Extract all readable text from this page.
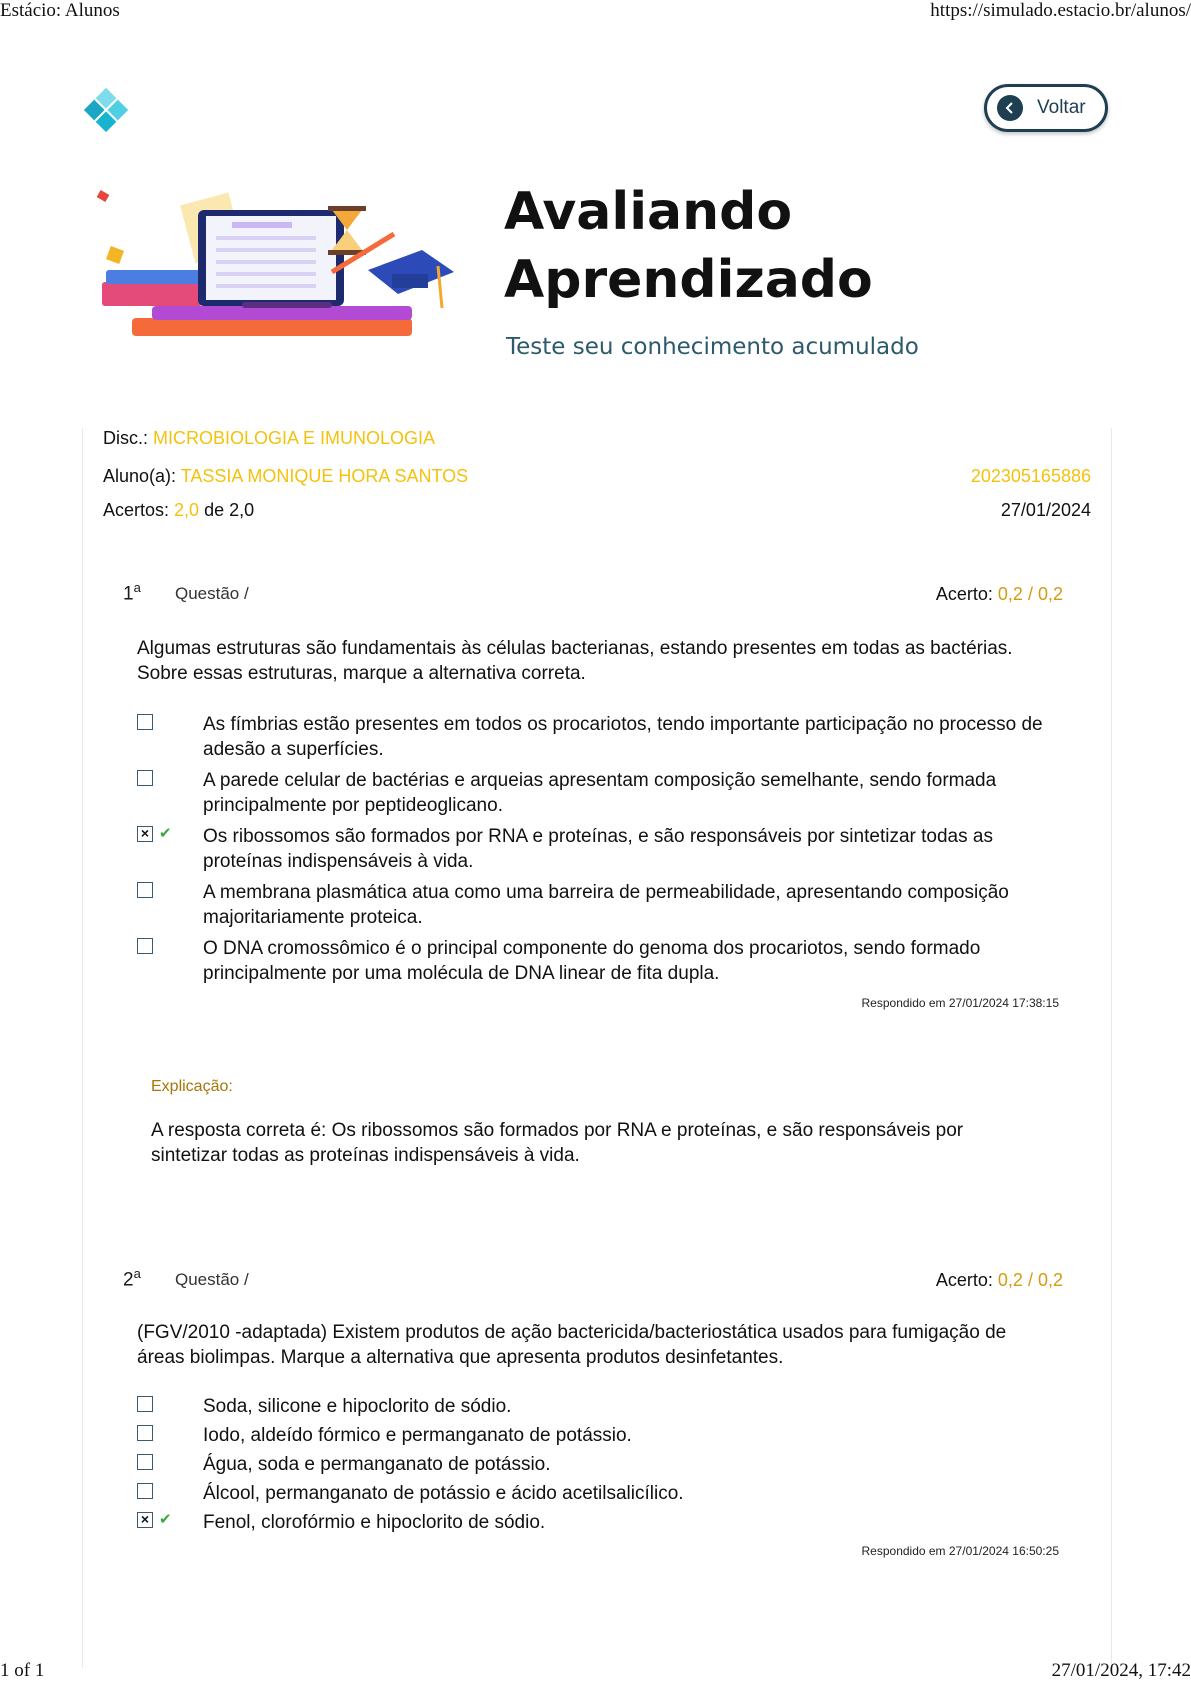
Estácio: Alunos	https://simulado.estacio.br/alunos/
Voltar
Avaliando
Aprendizado
Teste seu conhecimento acumulado
Disc.: MICROBIOLOGIA E IMUNOLOGIA
Aluno(a): TASSIA MONIQUE HORA SANTOS	202305165886
Acertos: 2,0 de 2,0	27/01/2024
1$^a$ Questão /	Acerto: 0,2 / 0,2
Algumas estruturas são fundamentais às células bacterianas, estando presentes em todas as bactérias. Sobre essas estruturas, marque a alternativa correta.
As fímbrias estão presentes em todos os procariotos, tendo importante participação no processo de adesão a superfícies.
A parede celular de bactérias e arqueias apresentam composição semelhante, sendo formada principalmente por peptideoglicano.
× ✔ Os ribossomos são formados por RNA e proteínas, e são responsáveis por sintetizar todas as proteínas indispensáveis à vida.
A membrana plasmática atua como uma barreira de permeabilidade, apresentando composição majoritariamente proteica.
O DNA cromossômico é o principal componente do genoma dos procariotos, sendo formado principalmente por uma molécula de DNA linear de fita dupla.
Respondido em 27/01/2024 17:38:15
Explicação:
A resposta correta é: Os ribossomos são formados por RNA e proteínas, e são responsáveis por sintetizar todas as proteínas indispensáveis à vida.
2$^a$ Questão /	Acerto: 0,2 / 0,2
(FGV/2010 -adaptada) Existem produtos de ação bactericida/bacteriostática usados para fumigação de áreas biolimpas. Marque a alternativa que apresenta produtos desinfetantes.
Soda, silicone e hipoclorito de sódio.
Iodo, aldeído fórmico e permanganato de potássio.
Água, soda e permanganato de potássio.
Álcool, permanganato de potássio e ácido acetilsalicílico.
× ✔ Fenol, clorofórmio e hipoclorito de sódio.
Respondido em 27/01/2024 16:50:25
1 of 1	27/01/2024, 17:42
